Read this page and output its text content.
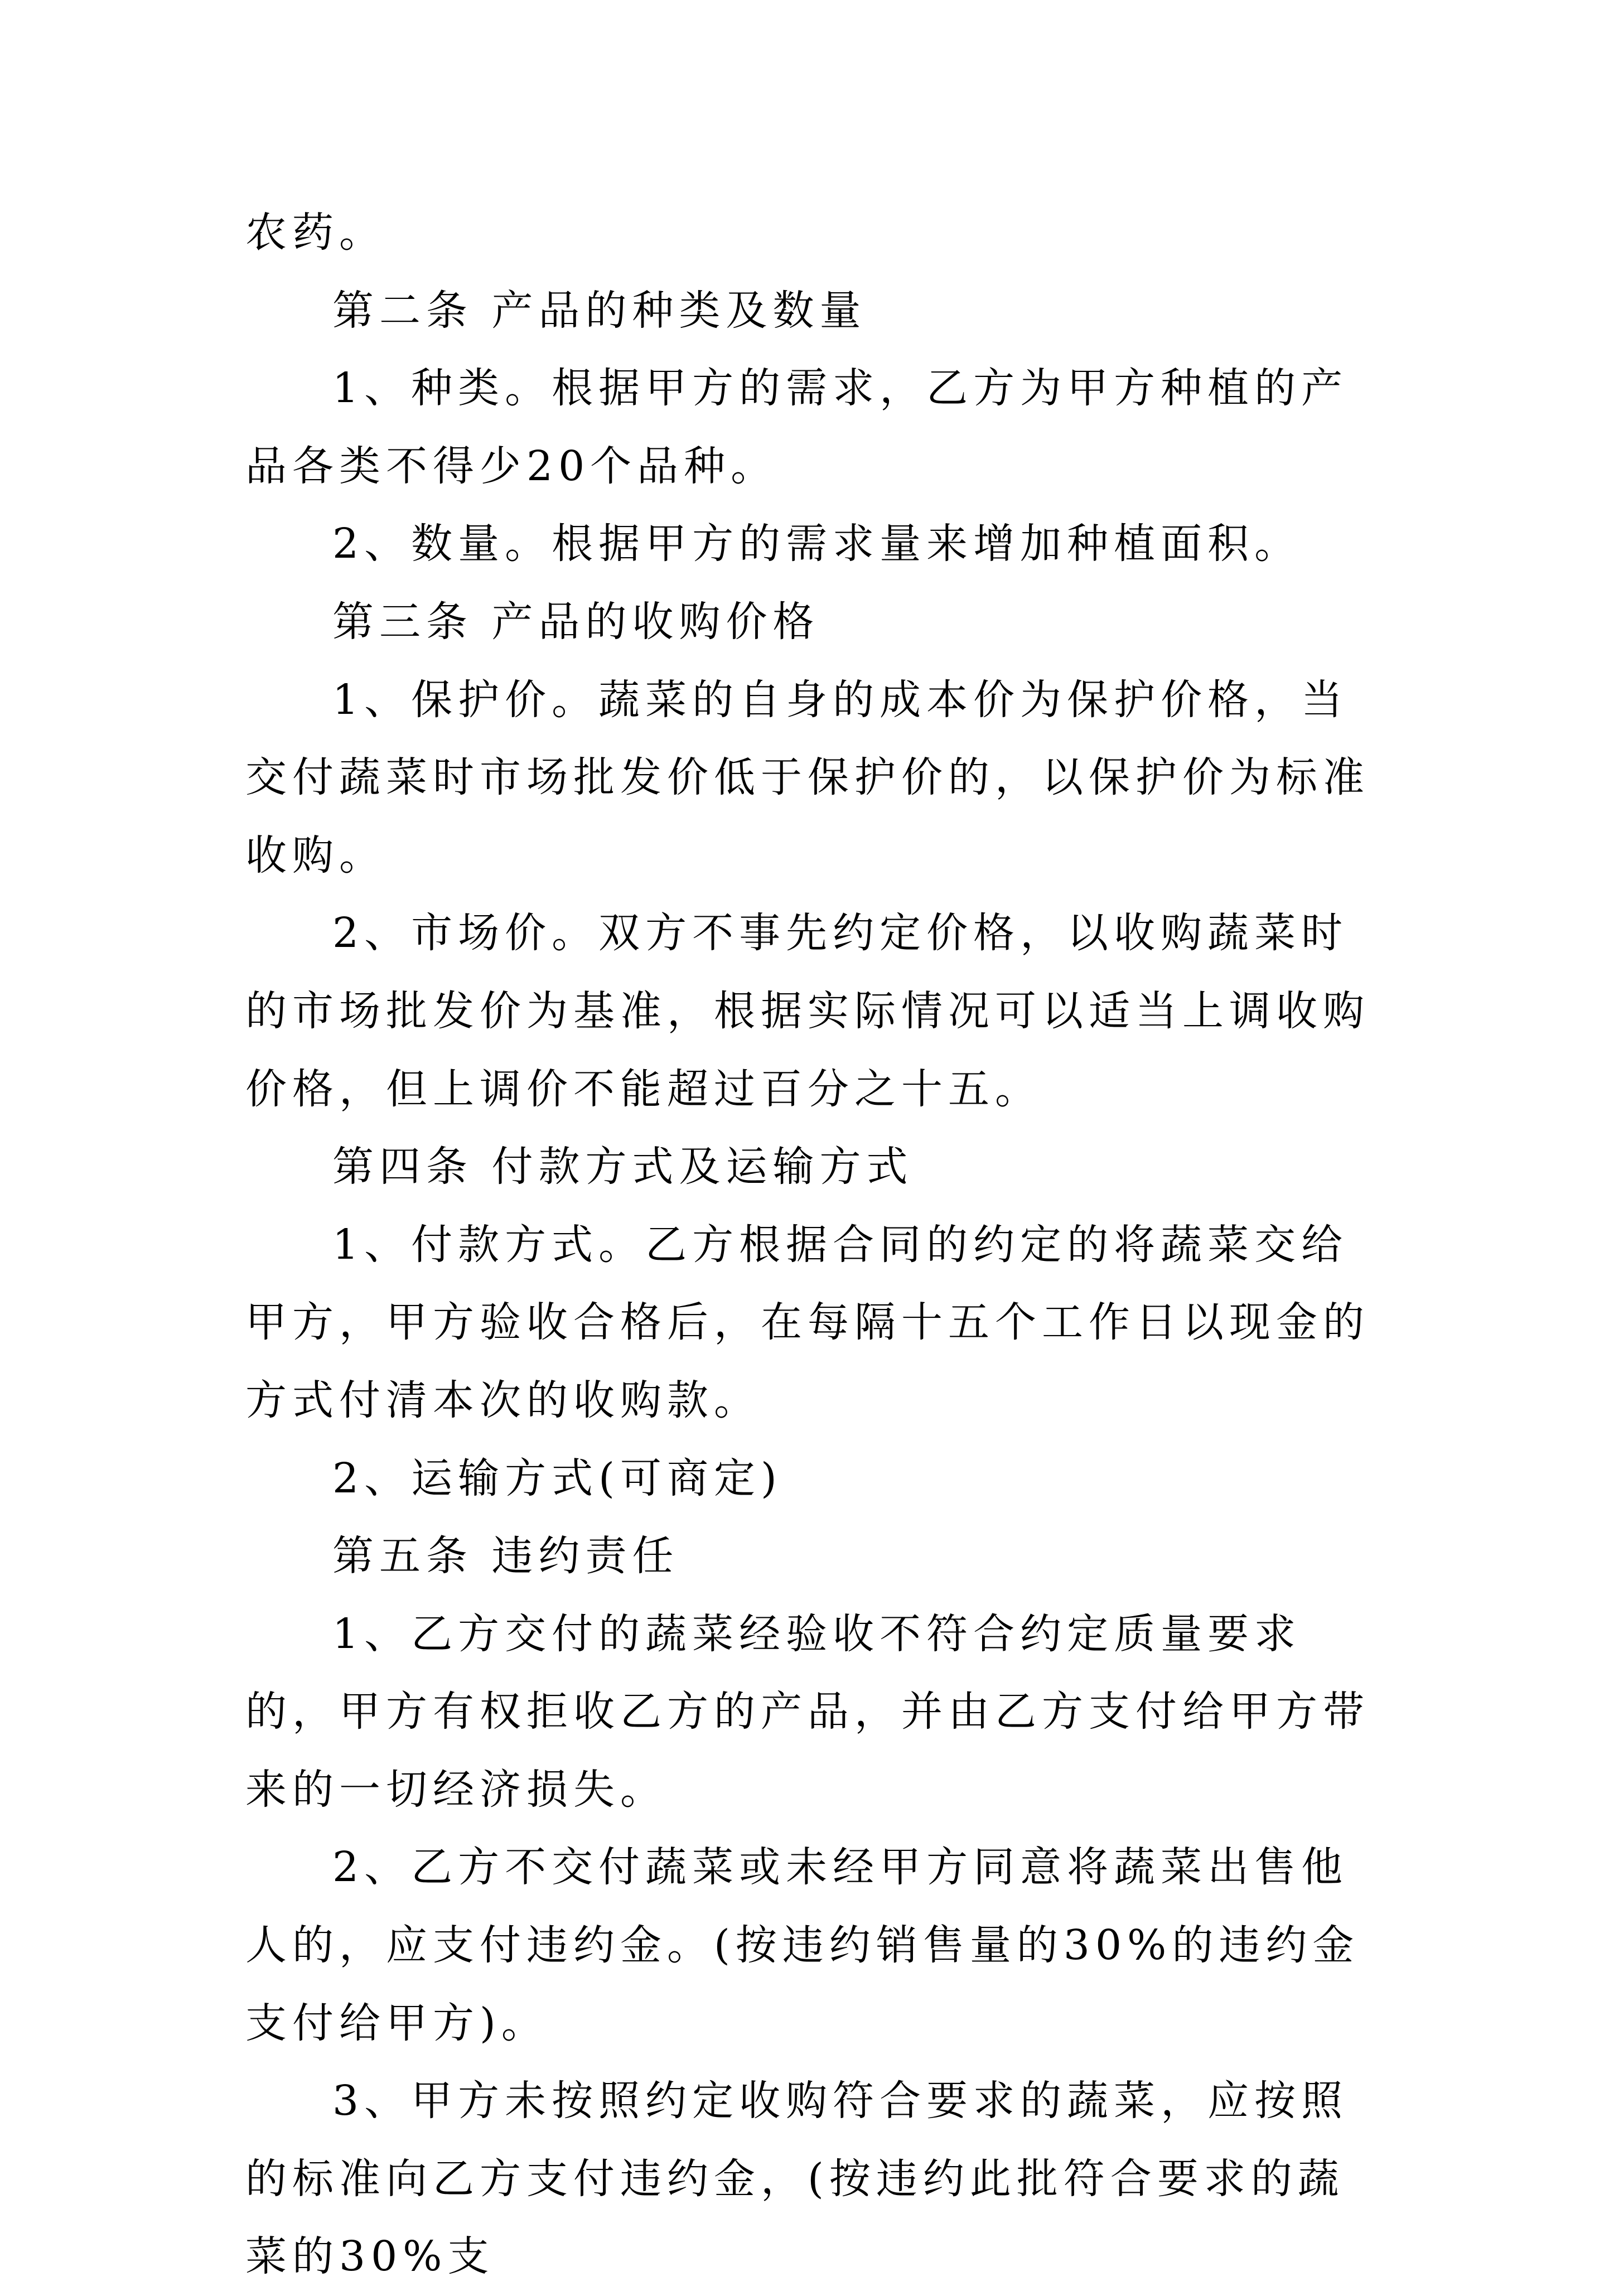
农药。

第二条 产品的种类及数量

1、种类。根据甲方的需求，乙方为甲方种植的产品各类不得少20个品种。

2、数量。根据甲方的需求量来增加种植面积。

第三条 产品的收购价格

1、保护价。蔬菜的自身的成本价为保护价格，当交付蔬菜时市场批发价低于保护价的，以保护价为标准收购。

2、市场价。双方不事先约定价格，以收购蔬菜时的市场批发价为基准，根据实际情况可以适当上调收购价格，但上调价不能超过百分之十五。

第四条 付款方式及运输方式

1、付款方式。乙方根据合同的约定的将蔬菜交给甲方，甲方验收合格后，在每隔十五个工作日以现金的方式付清本次的收购款。

2、运输方式(可商定)

第五条 违约责任

1、乙方交付的蔬菜经验收不符合约定质量要求的，甲方有权拒收乙方的产品，并由乙方支付给甲方带来的一切经济损失。

2、乙方不交付蔬菜或未经甲方同意将蔬菜出售他人的，应支付违约金。(按违约销售量的30%的违约金支付给甲方)。

3、甲方未按照约定收购符合要求的蔬菜，应按照的标准向乙方支付违约金，(按违约此批符合要求的蔬菜的30%支
